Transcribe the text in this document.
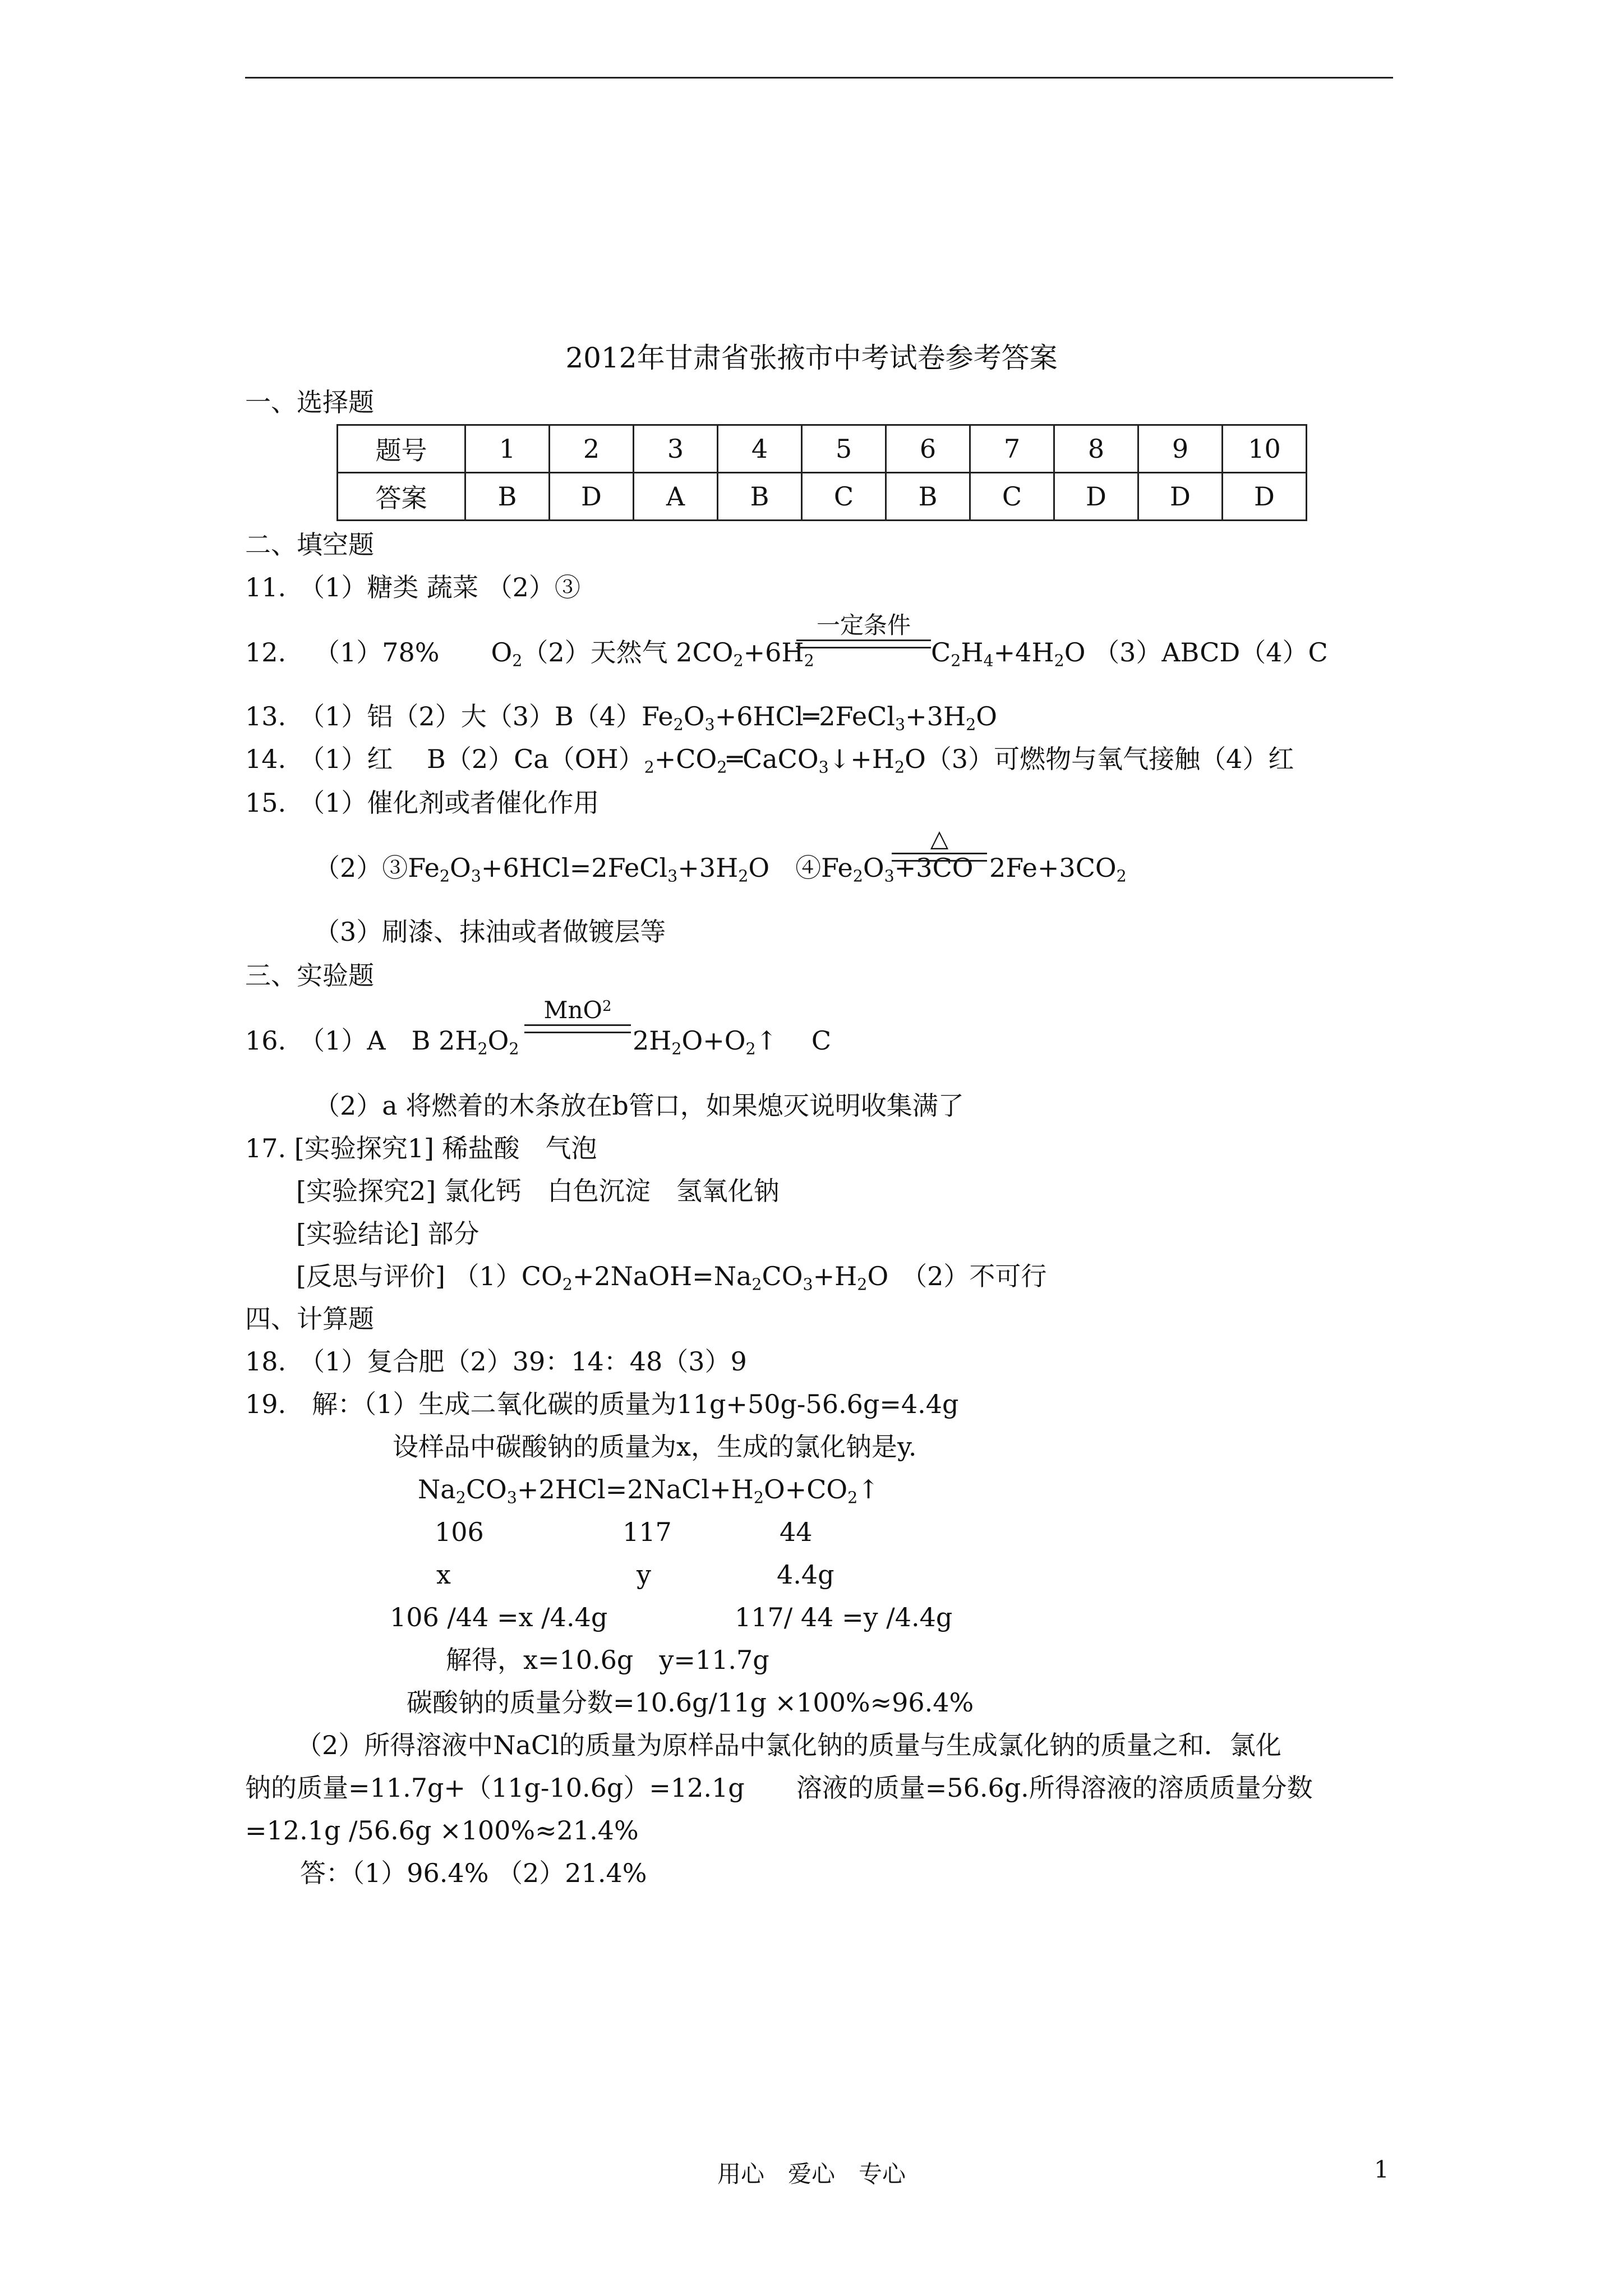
2012年甘肃省张掖市中考试卷参考答案
一、选择题
题号	1	2	3	4	5	6	7	8	9	10
答案	B	D	A	B	C	B	C	D	D	D
二、填空题
11.　（1）糖类 蔬菜 （2）③
12. （1）78%　　 $O_2(2)$天然气 $2CO_2+6H_2$
一定条件
$C_2H_4+4H_2O$ （3）ABCD（4）C
13.　 （1）铝（2）大$(3)B(4)Fe_2O_3+6HCl═2FeCl_3+3H_2O$
14.　 （1）红　 $B(2)Ca(OH)_2+CO_2═CaCO_3↓+H_2O(3)$可燃物与氧气接触（4）红
15.　 （1）催化剂或者催化作用
$(2)③Fe_2O_3+6HCl=2FeCl_3+3H_2O$　$④Fe_2O_3+3CO$
△
$2Fe+3CO_2$
（3）刷漆、抹油或者做镀层等
三、实验题
16.　 （1）A　B $2H_2O_2$
MnO$^2$
$2H_2O+O_2↑$　 C
（2）a 将燃着的木条放在b管口，如果熄灭说明收集满了
17. [实验探究1] 稀盐酸　气泡
[实验探究2] 氯化钙　白色沉淀　氢氧化钠
[实验结论] 部分
[反思与评价] $(1)CO_2+2NaOH=Na_2CO_3+H_2O$　（2）不可行
四、计算题
18.　（1）复合肥（2）39：14：48（3）9
19.　解：（1）生成二氧化碳的质量为11g+50g-56.6g=4.4g
设样品中碳酸钠的质量为x，生成的氯化钠是y.
$Na_2CO_3+2HCl=2NaCl+H_2O+CO_2↑$
106	117	44
x	y	4.4g
106 /44 =x /4.4g	117/ 44 =y /4.4g
解得，x=10.6g　y=11.7g
碳酸钠的质量分数=10.6g/11g ×100%≈96.4%
（2）所得溶液中NaCl的质量为原样品中氯化钠的质量与生成氯化钠的质量之和．氯化
钠的质量=11.7g+（11g-10.6g）=12.1g　　溶液的质量=56.6g.所得溶液的溶质质量分数
=12.1g /56.6g ×100%≈21.4%
答：（1）96.4% （2）21.4%
用心　爱心　专心	1
